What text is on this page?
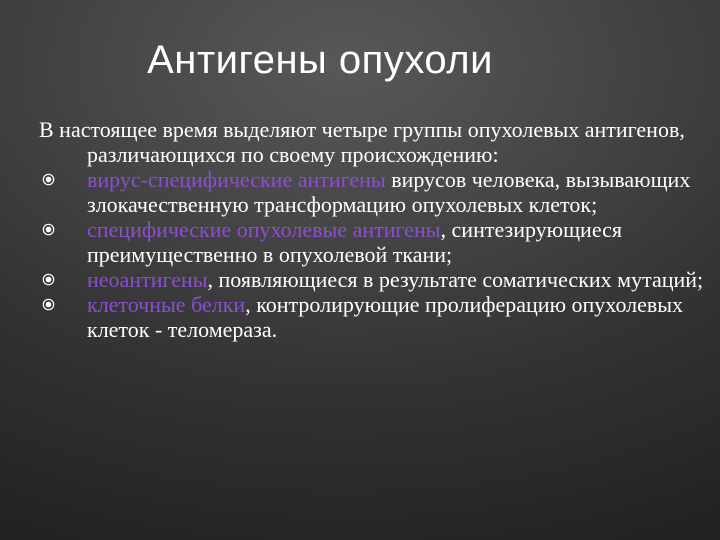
Антигены опухоли
В настоящее время выделяют четыре группы опухолевых антигенов, различающихся по своему происхождению:
вирус-специфические антигены вирусов человека, вызывающих злокачественную трансформацию опухолевых клеток;
специфические опухолевые антигены, синтезирующиеся преимущественно в опухолевой ткани;
неоантигены, появляющиеся в результате соматических мутаций;
клеточные белки, контролирующие пролиферацию опухолевых клеток - теломераза.
